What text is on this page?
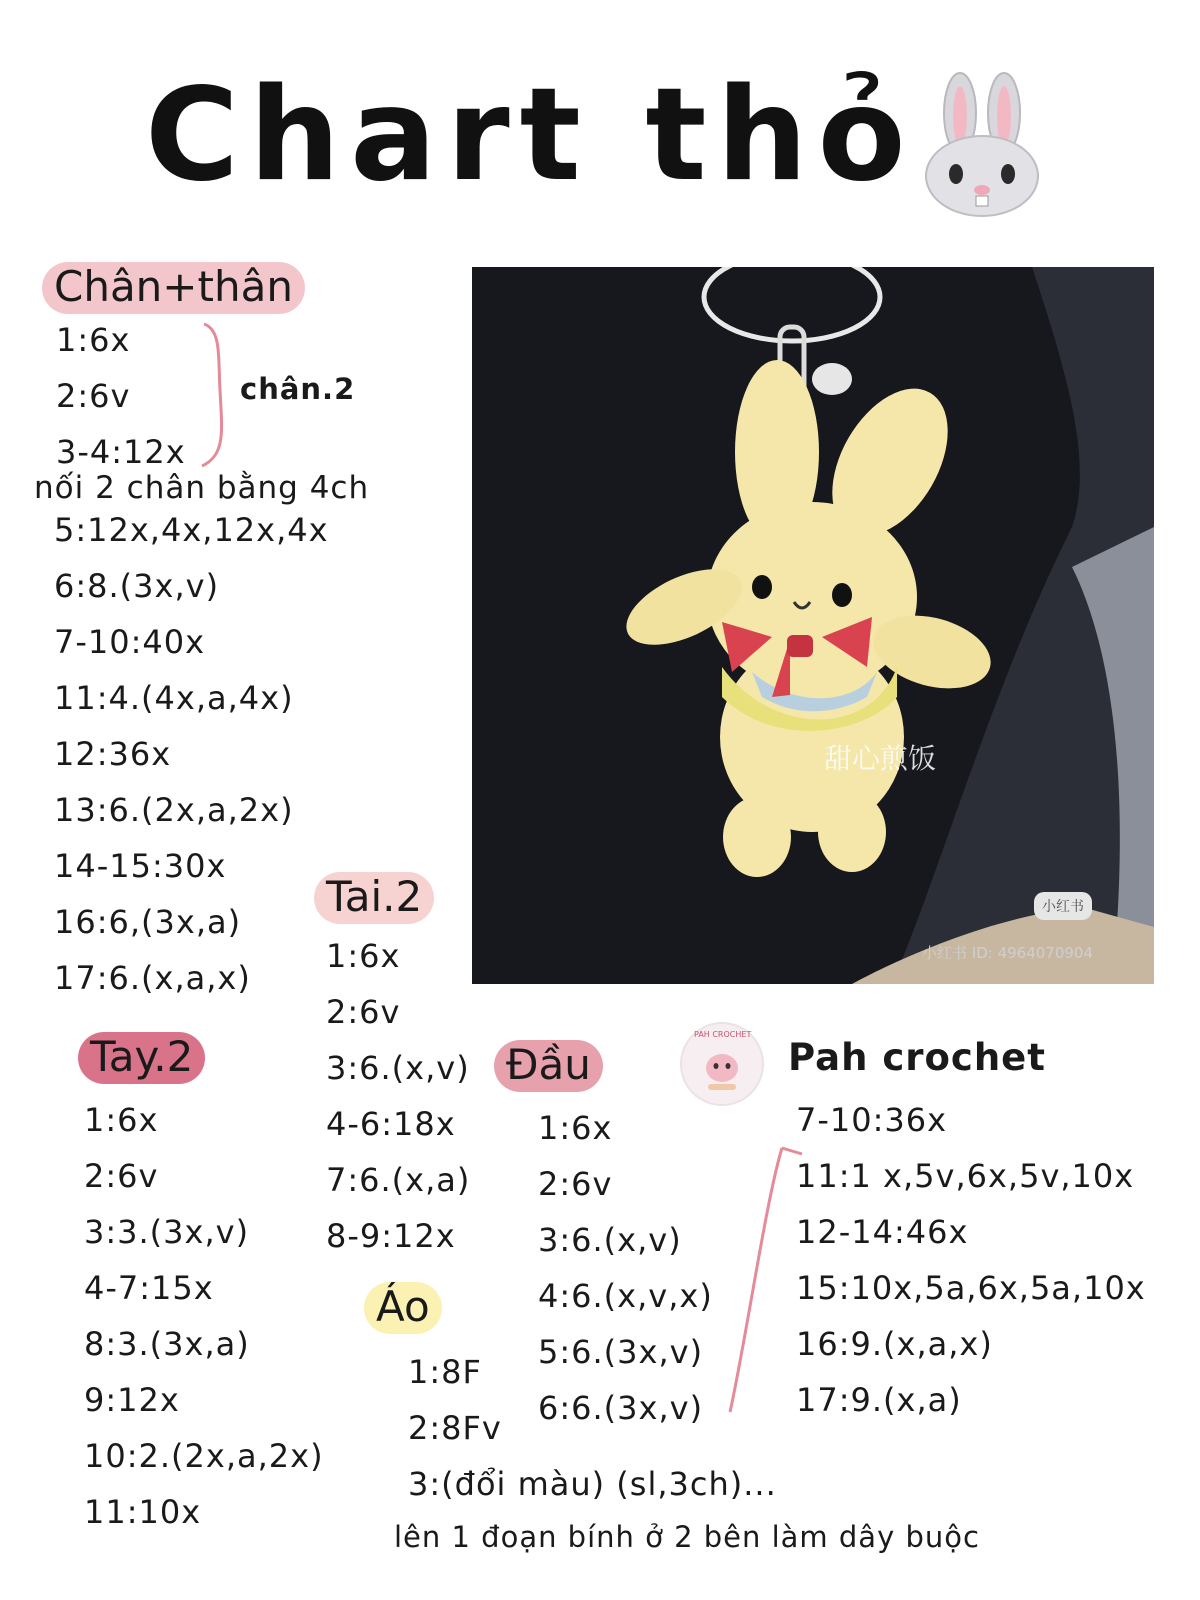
Chart thỏ
Chân+thân
1:6x
2:6v
3-4:12x
chân.2
nối 2 chân bằng 4ch
5:12x,4x,12x,4x
6:8.(3x,v)
7-10:40x
11:4.(4x,a,4x)
12:36x
13:6.(2x,a,2x)
14-15:30x
16:6,(3x,a)
17:6.(x,a,x)
甜心煎饭
小红书
小红书 ID: 4964070904
Tai.2
1:6x
2:6v
3:6.(x,v)
4-6:18x
7:6.(x,a)
8-9:12x
Tay.2
1:6x
2:6v
3:3.(3x,v)
4-7:15x
8:3.(3x,a)
9:12x
10:2.(2x,a,2x)
11:10x
Đầu
1:6x
2:6v
3:6.(x,v)
4:6.(x,v,x)
5:6.(3x,v)
6:6.(3x,v)
7-10:36x
11:1 x,5v,6x,5v,10x
12-14:46x
15:10x,5a,6x,5a,10x
16:9.(x,a,x)
17:9.(x,a)
PAH CROCHET
Pah crochet
Áo
1:8F
2:8Fv
3:(đổi màu) (sl,3ch)...
lên 1 đoạn bính ở 2 bên làm dây buộc
